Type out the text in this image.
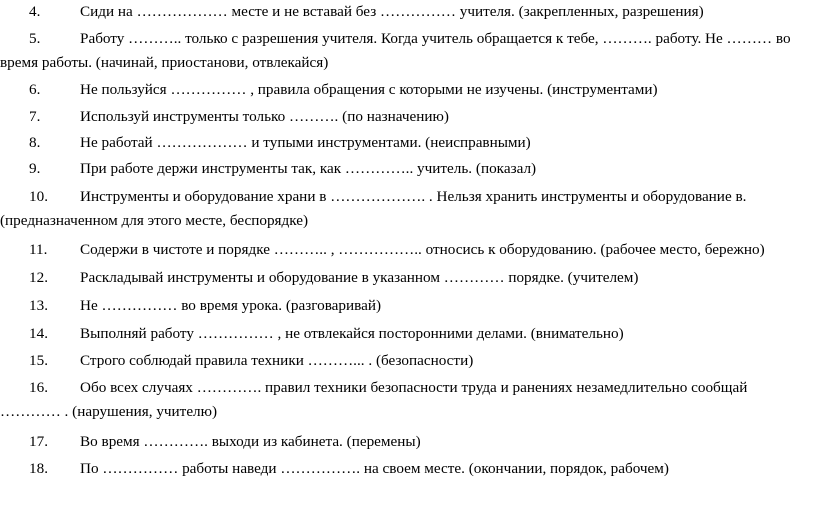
4.	Сиди на ……………… месте и не вставай без …………… учителя. (закрепленных, разрешения)
5.	Работу ……….. только с разрешения учителя. Когда учитель обращается к тебе, ………. работу. Не ……… во
время работы. (начинай, приостанови, отвлекайся)
6.	Не пользуйся …………… , правила обращения с которыми не изучены. (инструментами)
7.	Используй инструменты только ………. (по назначению)
8.	Не работай ……………… и тупыми инструментами. (неисправными)
9.	При работе держи инструменты так, как ………….. учитель. (показал)
10. Инструменты и оборудование храни в ………………. . Нельзя хранить инструменты и оборудование в.
(предназначенном для этого месте, беспорядке)
11. Содержи в чистоте и порядке ……….. , …………….. относись к оборудованию. (рабочее место, бережно)
12. Раскладывай инструменты и оборудование в указанном ………… порядке. (учителем)
13. Не …………… во время урока. (разговаривай)
14. Выполняй работу …………… , не отвлекайся посторонними делами. (внимательно)
15. Строго соблюдай правила техники ………... . (безопасности)
16. Обо всех случаях …………. правил техники безопасности труда и ранениях незамедлительно сообщай
………… . (нарушения, учителю)
17. Во время …………. выходи из кабинета. (перемены)
18. По …………… работы наведи ……………. на своем месте. (окончании, порядок, рабочем)
